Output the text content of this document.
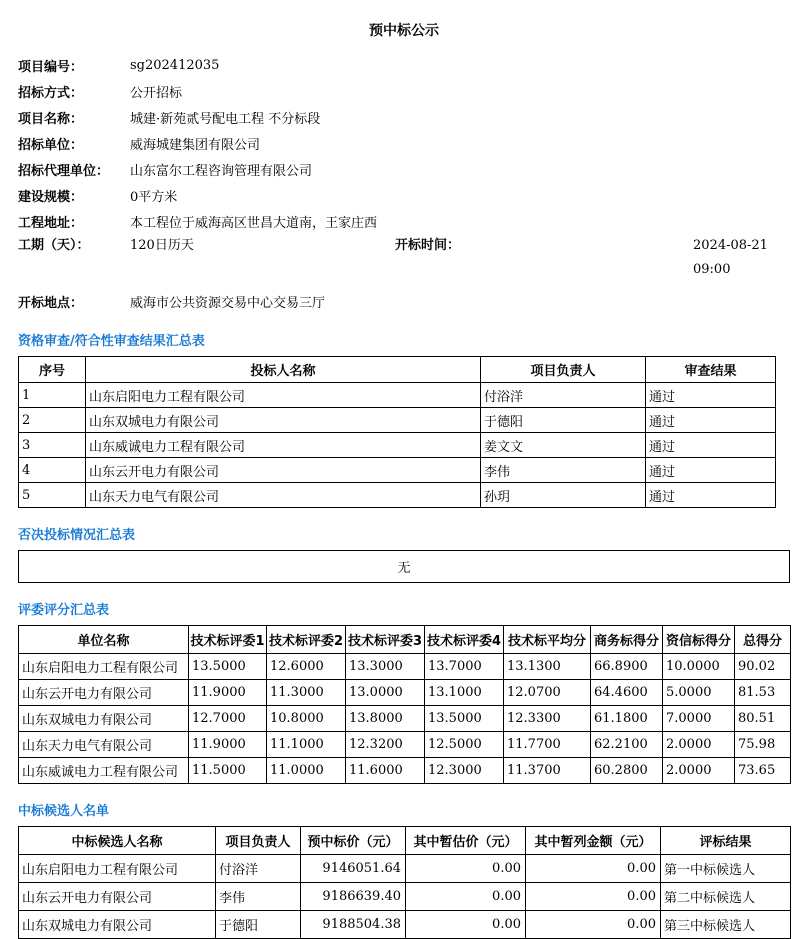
预中标公示
项目编号：	sg202412035
招标方式：	公开招标
项目名称：	城建·新苑贰号配电工程 不分标段
招标单位：	威海城建集团有限公司
招标代理单位：	山东富尔工程咨询管理有限公司
建设规模：	0平方米
工程地址：	本工程位于威海高区世昌大道南，王家庄西
工期（天）：	120日历天	开标时间：	2024-08-21
09:00
开标地点：	威海市公共资源交易中心交易三厅
资格审查/符合性审查结果汇总表
序号	投标人名称	项目负责人	审查结果
1	山东启阳电力工程有限公司	付浴洋	通过
2	山东双城电力有限公司	于德阳	通过
3	山东威诚电力工程有限公司	姜文文	通过
4	山东云开电力有限公司	李伟	通过
5	山东天力电气有限公司	孙玥	通过
否决投标情况汇总表
无
评委评分汇总表
单位名称	技术标评委1	技术标评委2	技术标评委3	技术标评委4	技术标平均分	商务标得分	资信标得分	总得分
山东启阳电力工程有限公司	13.5000	12.6000	13.3000	13.7000	13.1300	66.8900	10.0000	90.02
山东云开电力有限公司	11.9000	11.3000	13.0000	13.1000	12.0700	64.4600	5.0000	81.53
山东双城电力有限公司	12.7000	10.8000	13.8000	13.5000	12.3300	61.1800	7.0000	80.51
山东天力电气有限公司	11.9000	11.1000	12.3200	12.5000	11.7700	62.2100	2.0000	75.98
山东威诚电力工程有限公司	11.5000	11.0000	11.6000	12.3000	11.3700	60.2800	2.0000	73.65
中标候选人名单
中标候选人名称	项目负责人	预中标价（元）	其中暂估价（元）	其中暂列金额（元）	评标结果
山东启阳电力工程有限公司	付浴洋	9146051.64	0.00	0.00	第一中标候选人
山东云开电力有限公司	李伟	9186639.40	0.00	0.00	第二中标候选人
山东双城电力有限公司	于德阳	9188504.38	0.00	0.00	第三中标候选人
